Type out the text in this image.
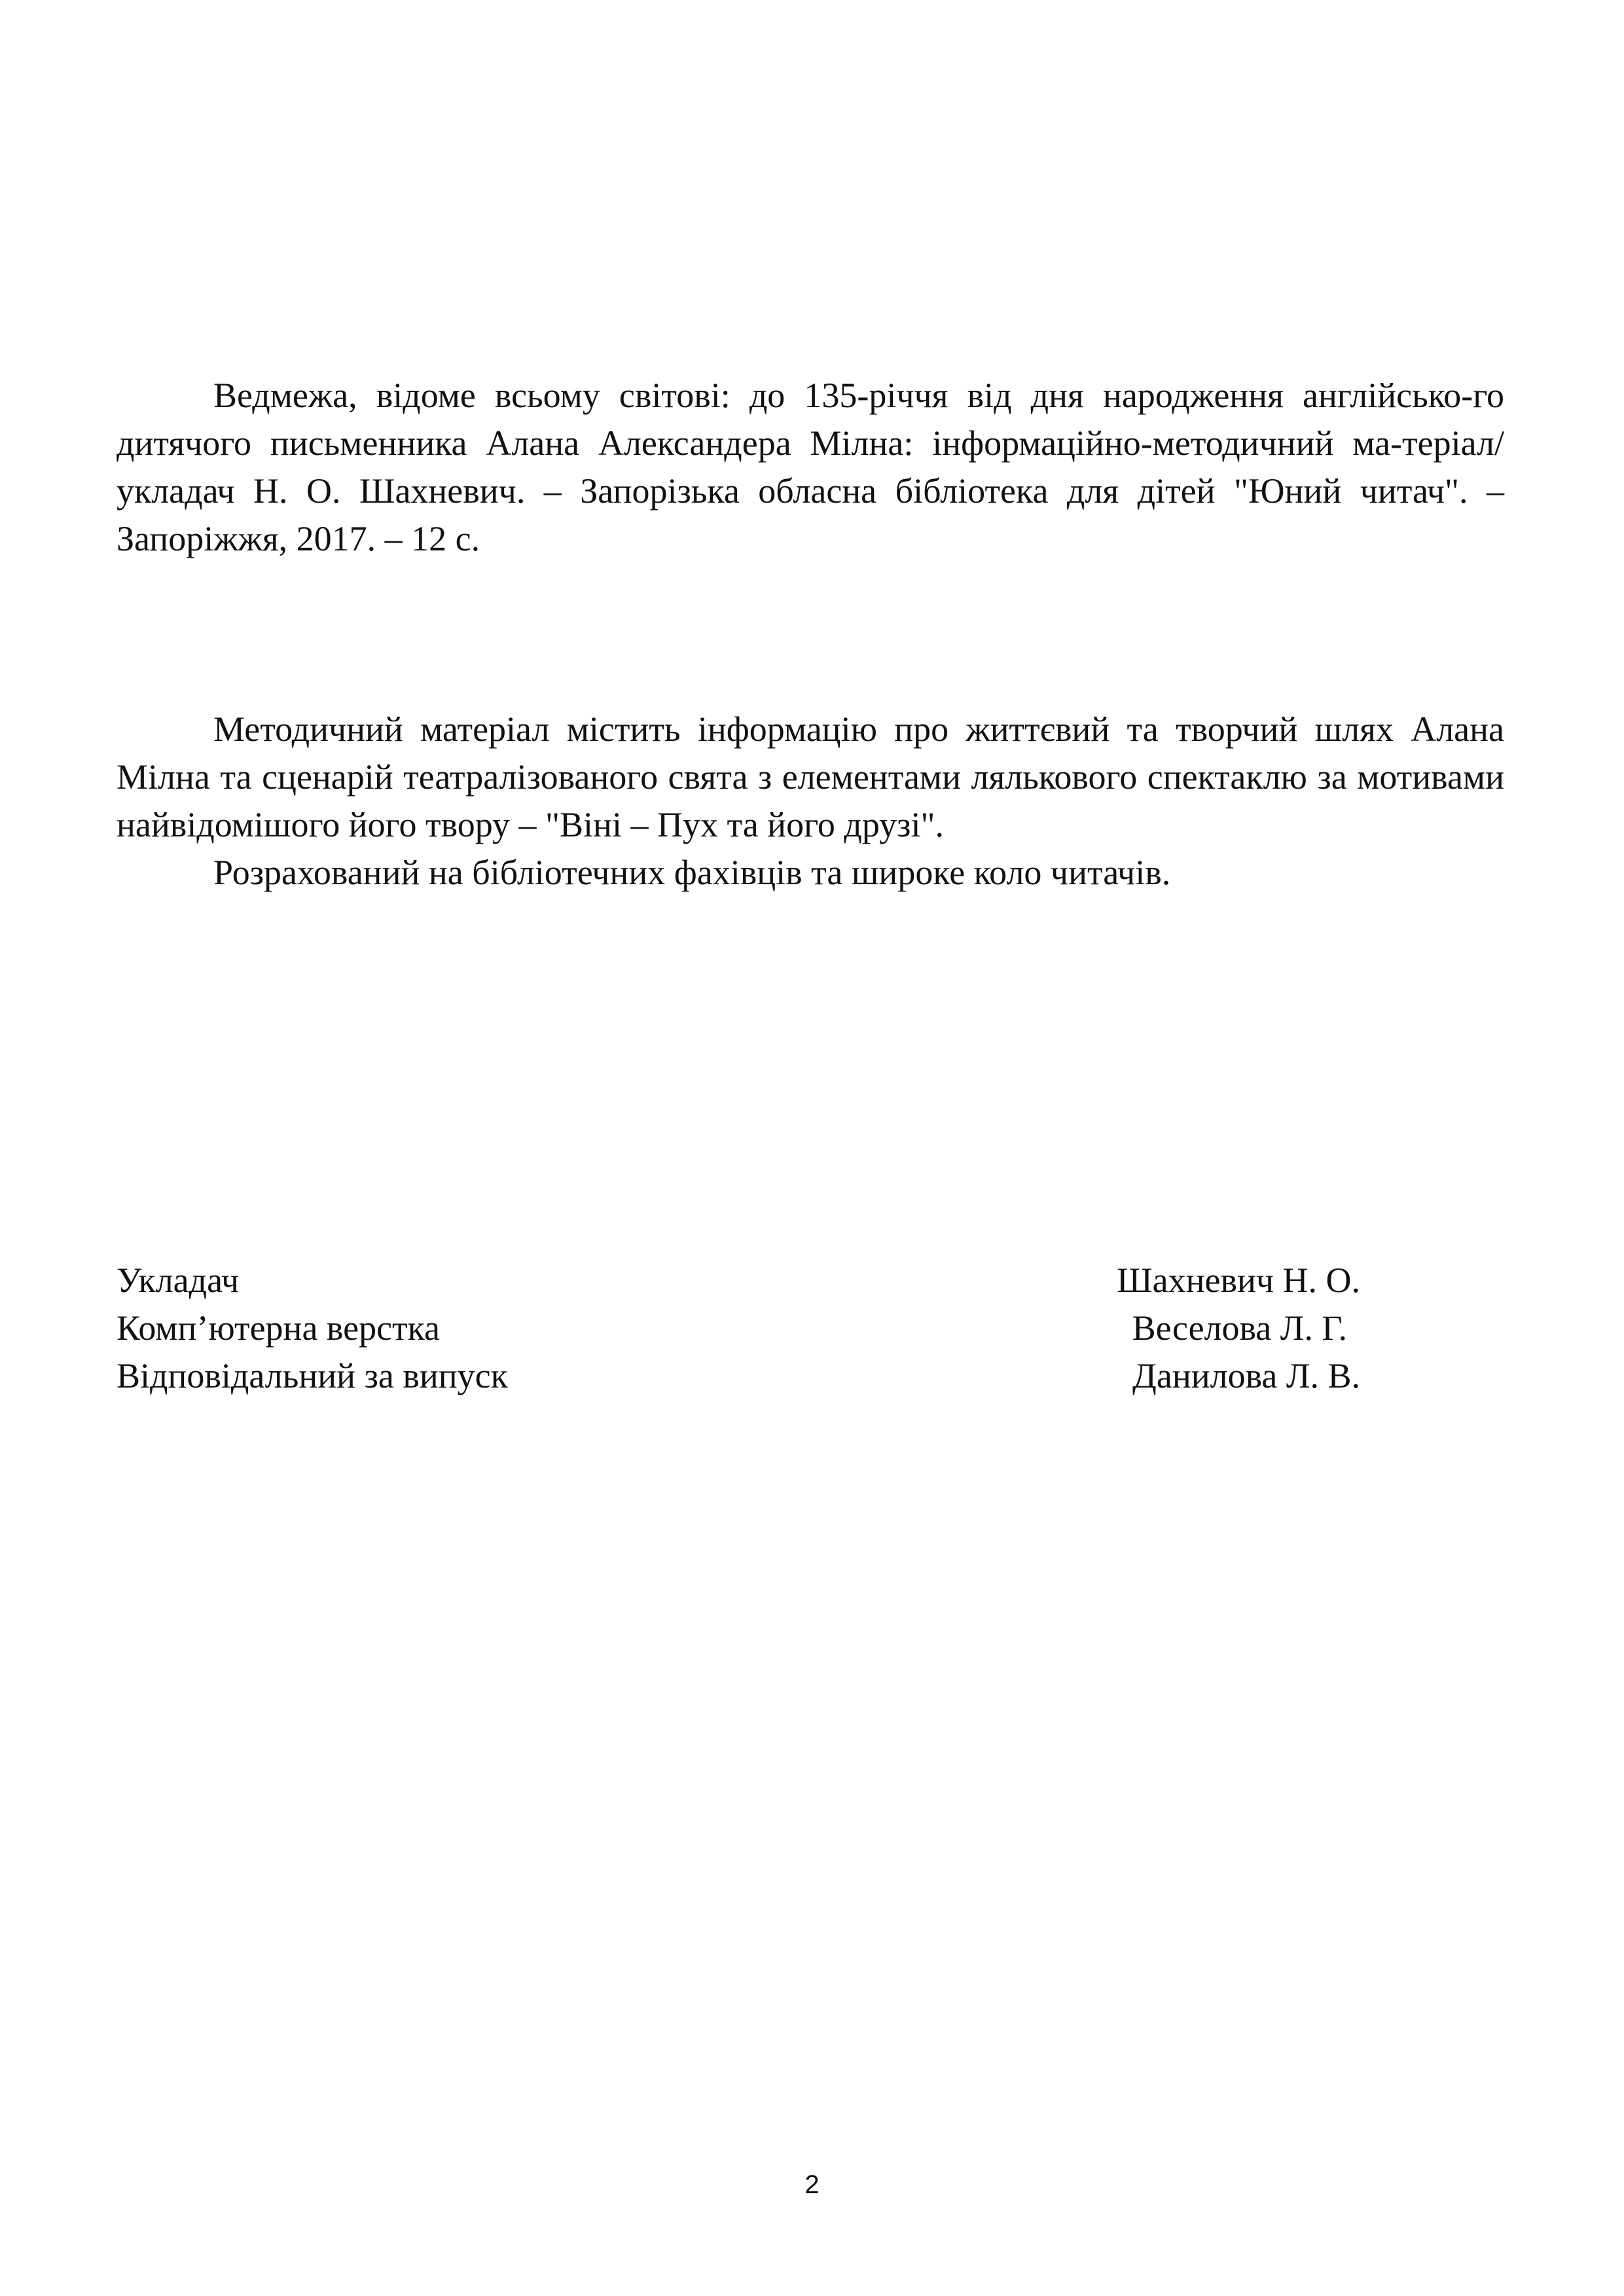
Ведмежа, відоме всьому світові: до 135-річчя від дня народження англійсько-го дитячого письменника Алана Александера Мілна: інформаційно-методичний ма-теріал/укладач Н. О. Шахневич. – Запорізька обласна бібліотека для дітей "Юний читач". – Запоріжжя, 2017. – 12 с.

Методичний матеріал містить інформацію про життєвий та творчий шлях Алана Мілна та сценарій театралізованого свята з елементами лялькового спектаклю за мотивами найвідомішого його твору – "Віні – Пух та його друзі".

Розрахований на бібліотечних фахівців та широке коло читачів.

Укладач	Шахневич Н. О.
Комп’ютерна верстка	Веселова Л. Г.
Відповідальний за випуск	Данилова Л. В.
2
